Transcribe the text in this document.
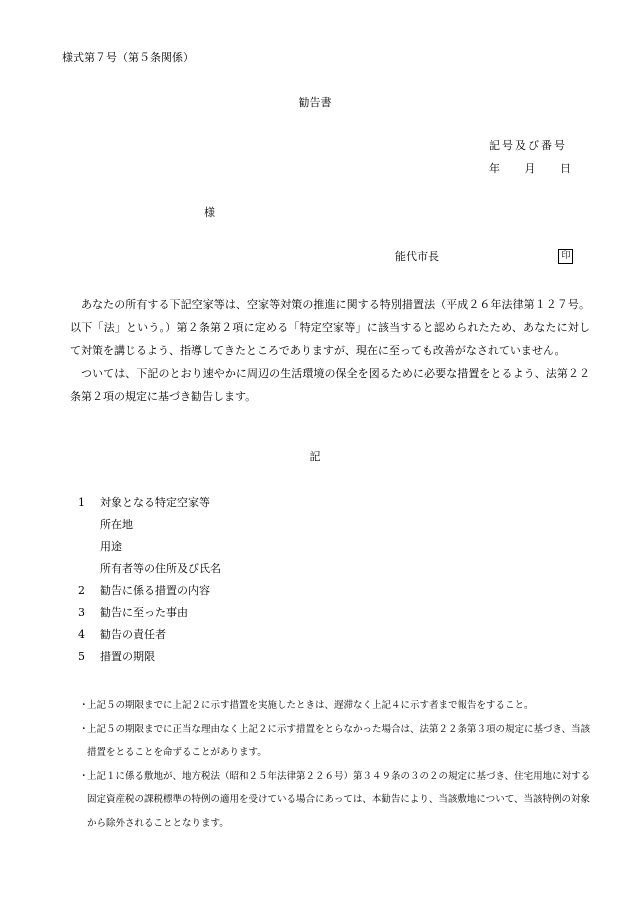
様式第７号（第５条関係）
勧告書
記号及び番号
年 月 日
様
能代市長	印

あなたの所有する下記空家等は、空家等対策の推進に関する特別措置法（平成２６年法律第１２７号。以下「法」という。）第２条第２項に定める「特定空家等」に該当すると認められたため、あなたに対して対策を講じるよう、指導してきたところでありますが、現在に至っても改善がなされていません。

ついては、下記のとおり速やかに周辺の生活環境の保全を図るために必要な措置をとるよう、法第２２条第２項の規定に基づき勧告します。

記
1	対象となる特定空家等
所在地
用途
所有者等の住所及び氏名
2	勧告に係る措置の内容
3	勧告に至った事由
4	勧告の責任者
5	措置の期限
・
上記５の期限までに上記２に示す措置を実施したときは、遅滞なく上記４に示す者まで報告をすること。
・
上記５の期限までに正当な理由なく上記２に示す措置をとらなかった場合は、法第２２条第３項の規定に基づき、当該措置をとることを命ずることがあります。
・
上記１に係る敷地が、地方税法（昭和２５年法律第２２６号）第３４９条の３の２の規定に基づき、住宅用地に対する固定資産税の課税標準の特例の適用を受けている場合にあっては、本勧告により、当該敷地について、当該特例の対象から除外されることとなります。
